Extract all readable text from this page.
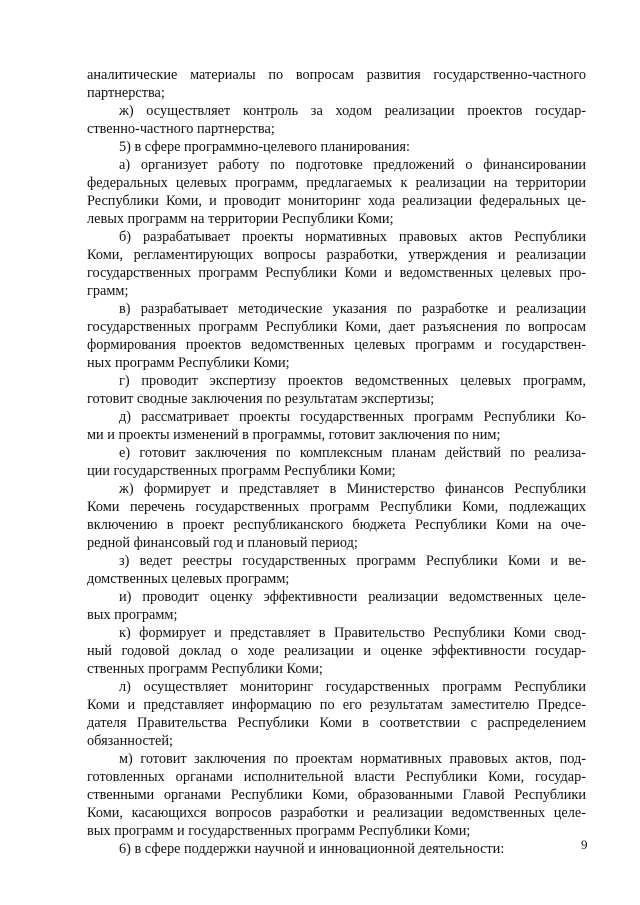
аналитические материалы по вопросам развития государственно-частного
партнерства;
ж) осуществляет контроль за ходом реализации проектов государ-
ственно-частного партнерства;
5) в сфере программно-целевого планирования:
а) организует работу по подготовке предложений о финансировании
федеральных целевых программ, предлагаемых к реализации на территории
Республики Коми, и проводит мониторинг хода реализации федеральных це-
левых программ на территории Республики Коми;
б) разрабатывает проекты нормативных правовых актов Республики
Коми, регламентирующих вопросы разработки, утверждения и реализации
государственных программ Республики Коми и ведомственных целевых про-
грамм;
в) разрабатывает методические указания по разработке и реализации
государственных программ Республики Коми, дает разъяснения по вопросам
формирования проектов ведомственных целевых программ и государствен-
ных программ Республики Коми;
г) проводит экспертизу проектов ведомственных целевых программ,
готовит сводные заключения по результатам экспертизы;
д) рассматривает проекты государственных программ Республики Ко-
ми и проекты изменений в программы, готовит заключения по ним;
е) готовит заключения по комплексным планам действий по реализа-
ции государственных программ Республики Коми;
ж) формирует и представляет в Министерство финансов Республики
Коми перечень государственных программ Республики Коми, подлежащих
включению в проект республиканского бюджета Республики Коми на оче-
редной финансовый год и плановый период;
з) ведет реестры государственных программ Республики Коми и ве-
домственных целевых программ;
и) проводит оценку эффективности реализации ведомственных целе-
вых программ;
к) формирует и представляет в Правительство Республики Коми свод-
ный годовой доклад о ходе реализации и оценке эффективности государ-
ственных программ Республики Коми;
л) осуществляет мониторинг государственных программ Республики
Коми и представляет информацию по его результатам заместителю Предсе-
дателя Правительства Республики Коми в соответствии с распределением
обязанностей;
м) готовит заключения по проектам нормативных правовых актов, под-
готовленных органами исполнительной власти Республики Коми, государ-
ственными органами Республики Коми, образованными Главой Республики
Коми, касающихся вопросов разработки и реализации ведомственных целе-
вых программ и государственных программ Республики Коми;
6) в сфере поддержки научной и инновационной деятельности:	9
